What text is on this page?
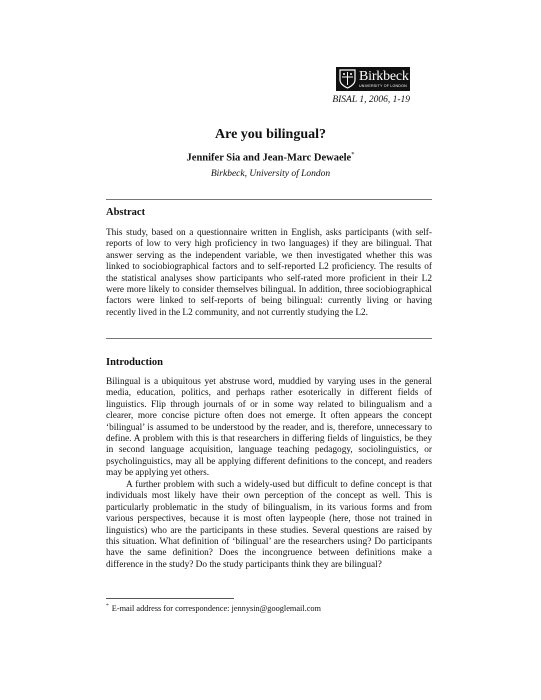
Birkbeck
UNIVERSITY OF LONDON
BISAL 1, 2006, 1-19
Are you bilingual?
Jennifer Sia and Jean-Marc Dewaele*
Birkbeck, University of London
Abstract

This study, based on a questionnaire written in English, asks participants (with self-reports of low to very high proficiency in two languages) if they are bilingual. That answer serving as the independent variable, we then investigated whether this was linked to sociobiographical factors and to self-reported L2 proficiency. The results of the statistical analyses show participants who self-rated more proficient in their L2 were more likely to consider themselves bilingual. In addition, three sociobiographical factors were linked to self-reports of being bilingual: currently living or having recently lived in the L2 community, and not currently studying the L2.

Introduction

Bilingual is a ubiquitous yet abstruse word, muddied by varying uses in the general media, education, politics, and perhaps rather esoterically in different fields of linguistics. Flip through journals of or in some way related to bilingualism and a clearer, more concise picture often does not emerge. It often appears the concept ‘bilingual’ is assumed to be understood by the reader, and is, therefore, unnecessary to define. A problem with this is that researchers in differing fields of linguistics, be they in second language acquisition, language teaching pedagogy, sociolinguistics, or psycholinguistics, may all be applying different definitions to the concept, and readers may be applying yet others.

A further problem with such a widely-used but difficult to define concept is that individuals most likely have their own perception of the concept as well. This is particularly problematic in the study of bilingualism, in its various forms and from various perspectives, because it is most often laypeople (here, those not trained in linguistics) who are the participants in these studies. Several questions are raised by this situation. What definition of ‘bilingual’ are the researchers using? Do participants have the same definition? Does the incongruence between definitions make a difference in the study? Do the study participants think they are bilingual?

* E-mail address for correspondence: jennysin@googlemail.com
